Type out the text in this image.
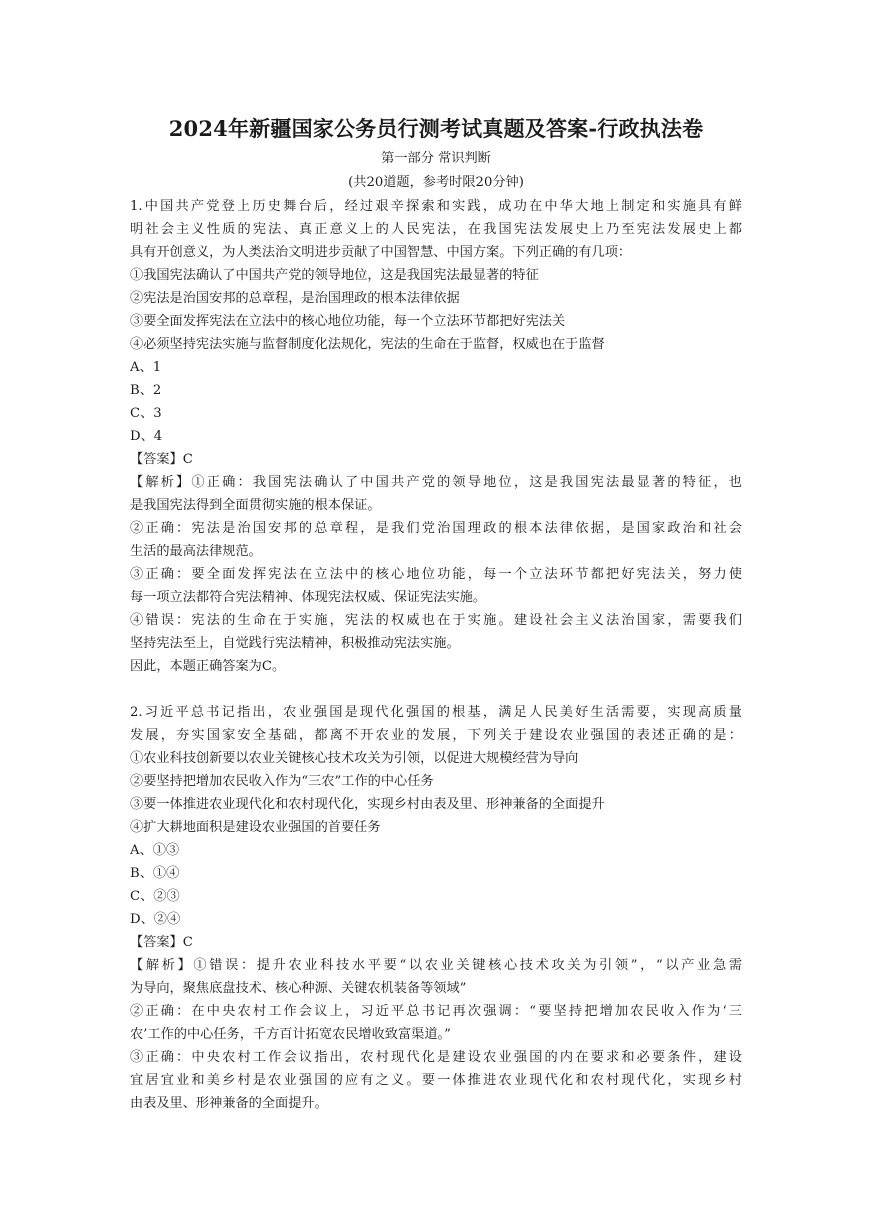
2024年新疆国家公务员行测考试真题及答案-行政执法卷
第一部分 常识判断
(共20道题，参考时限20分钟)
1.中国共产党登上历史舞台后，经过艰辛探索和实践，成功在中华大地上制定和实施具有鲜
明社会主义性质的宪法、真正意义上的人民宪法，在我国宪法发展史上乃至宪法发展史上都
具有开创意义，为人类法治文明进步贡献了中国智慧、中国方案。下列正确的有几项：
①我国宪法确认了中国共产党的领导地位，这是我国宪法最显著的特征
②宪法是治国安邦的总章程，是治国理政的根本法律依据
③要全面发挥宪法在立法中的核心地位功能，每一个立法环节都把好宪法关
④必须坚持宪法实施与监督制度化法规化，宪法的生命在于监督，权威也在于监督
A、1
B、2
C、3
D、4
【答案】C
【解析】①正确：我国宪法确认了中国共产党的领导地位，这是我国宪法最显著的特征，也
是我国宪法得到全面贯彻实施的根本保证。
②正确：宪法是治国安邦的总章程，是我们党治国理政的根本法律依据，是国家政治和社会
生活的最高法律规范。
③正确：要全面发挥宪法在立法中的核心地位功能，每一个立法环节都把好宪法关，努力使
每一项立法都符合宪法精神、体现宪法权威、保证宪法实施。
④错误：宪法的生命在于实施，宪法的权威也在于实施。建设社会主义法治国家，需要我们
坚持宪法至上，自觉践行宪法精神，积极推动宪法实施。
因此，本题正确答案为C。
2.习近平总书记指出，农业强国是现代化强国的根基，满足人民美好生活需要，实现高质量
发展，夯实国家安全基础，都离不开农业的发展，下列关于建设农业强国的表述正确的是：
①农业科技创新要以农业关键核心技术攻关为引领，以促进大规模经营为导向
②要坚持把增加农民收入作为“三农”工作的中心任务
③要一体推进农业现代化和农村现代化，实现乡村由表及里、形神兼备的全面提升
④扩大耕地面积是建设农业强国的首要任务
A、①③
B、①④
C、②③
D、②④
【答案】C
【解析】①错误：提升农业科技水平要“以农业关键核心技术攻关为引领”，“以产业急需
为导向，聚焦底盘技术、核心种源、关键农机装备等领域”
②正确：在中央农村工作会议上，习近平总书记再次强调：“要坚持把增加农民收入作为‘三
农’工作的中心任务，千方百计拓宽农民增收致富渠道。”
③正确：中央农村工作会议指出，农村现代化是建设农业强国的内在要求和必要条件，建设
宜居宜业和美乡村是农业强国的应有之义。要一体推进农业现代化和农村现代化，实现乡村
由表及里、形神兼备的全面提升。
